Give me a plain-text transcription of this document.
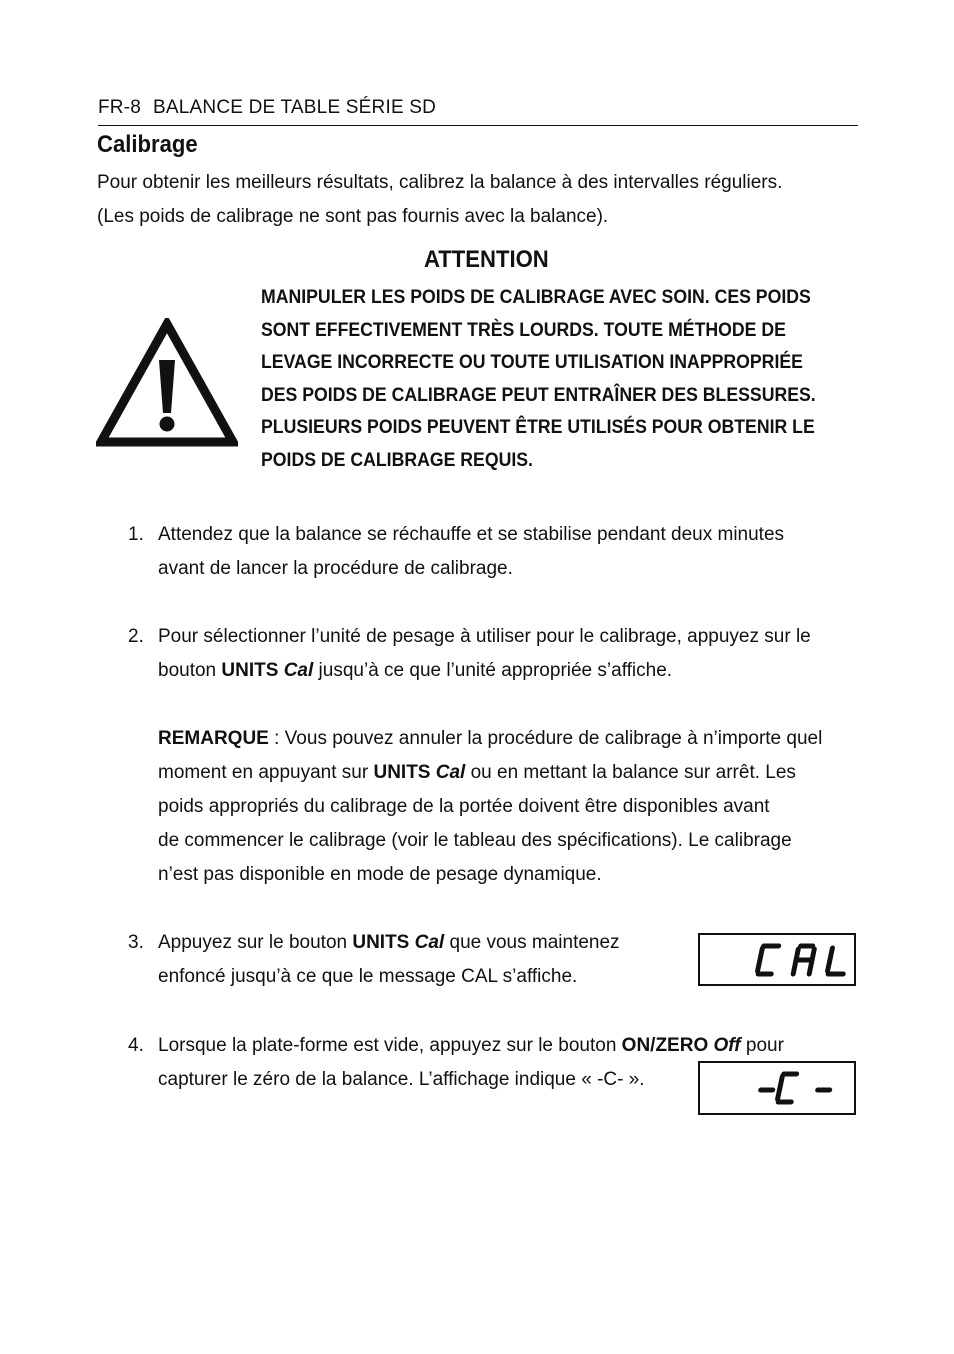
FR-8 BALANCE DE TABLE SÉRIE SD
Calibrage
Pour obtenir les meilleurs résultats, calibrez la balance à des intervalles réguliers.
(Les poids de calibrage ne sont pas fournis avec la balance).
ATTENTION
MANIPULER LES POIDS DE CALIBRAGE AVEC SOIN. CES POIDS
SONT EFFECTIVEMENT TRÈS LOURDS. TOUTE MÉTHODE DE
LEVAGE INCORRECTE OU TOUTE UTILISATION INAPPROPRIÉE
DES POIDS DE CALIBRAGE PEUT ENTRAÎNER DES BLESSURES.
PLUSIEURS POIDS PEUVENT ÊTRE UTILISÉS POUR OBTENIR LE
POIDS DE CALIBRAGE REQUIS.
1. Attendez que la balance se réchauffe et se stabilise pendant deux minutes
avant de lancer la procédure de calibrage.
2. Pour sélectionner l’unité de pesage à utiliser pour le calibrage, appuyez sur le
bouton UNITS Cal jusqu’à ce que l’unité appropriée s’affiche.
REMARQUE : Vous pouvez annuler la procédure de calibrage à n’importe quel
moment en appuyant sur UNITS Cal ou en mettant la balance sur arrêt. Les
poids appropriés du calibrage de la portée doivent être disponibles avant
de commencer le calibrage (voir le tableau des spécifications). Le calibrage
n’est pas disponible en mode de pesage dynamique.
3. Appuyez sur le bouton UNITS Cal que vous maintenez
enfoncé jusqu’à ce que le message CAL s’affiche.
CAL
4. Lorsque la plate-forme est vide, appuyez sur le bouton ON/ZERO Off pour
capturer le zéro de la balance. L’affichage indique « -C- ».
-C-
